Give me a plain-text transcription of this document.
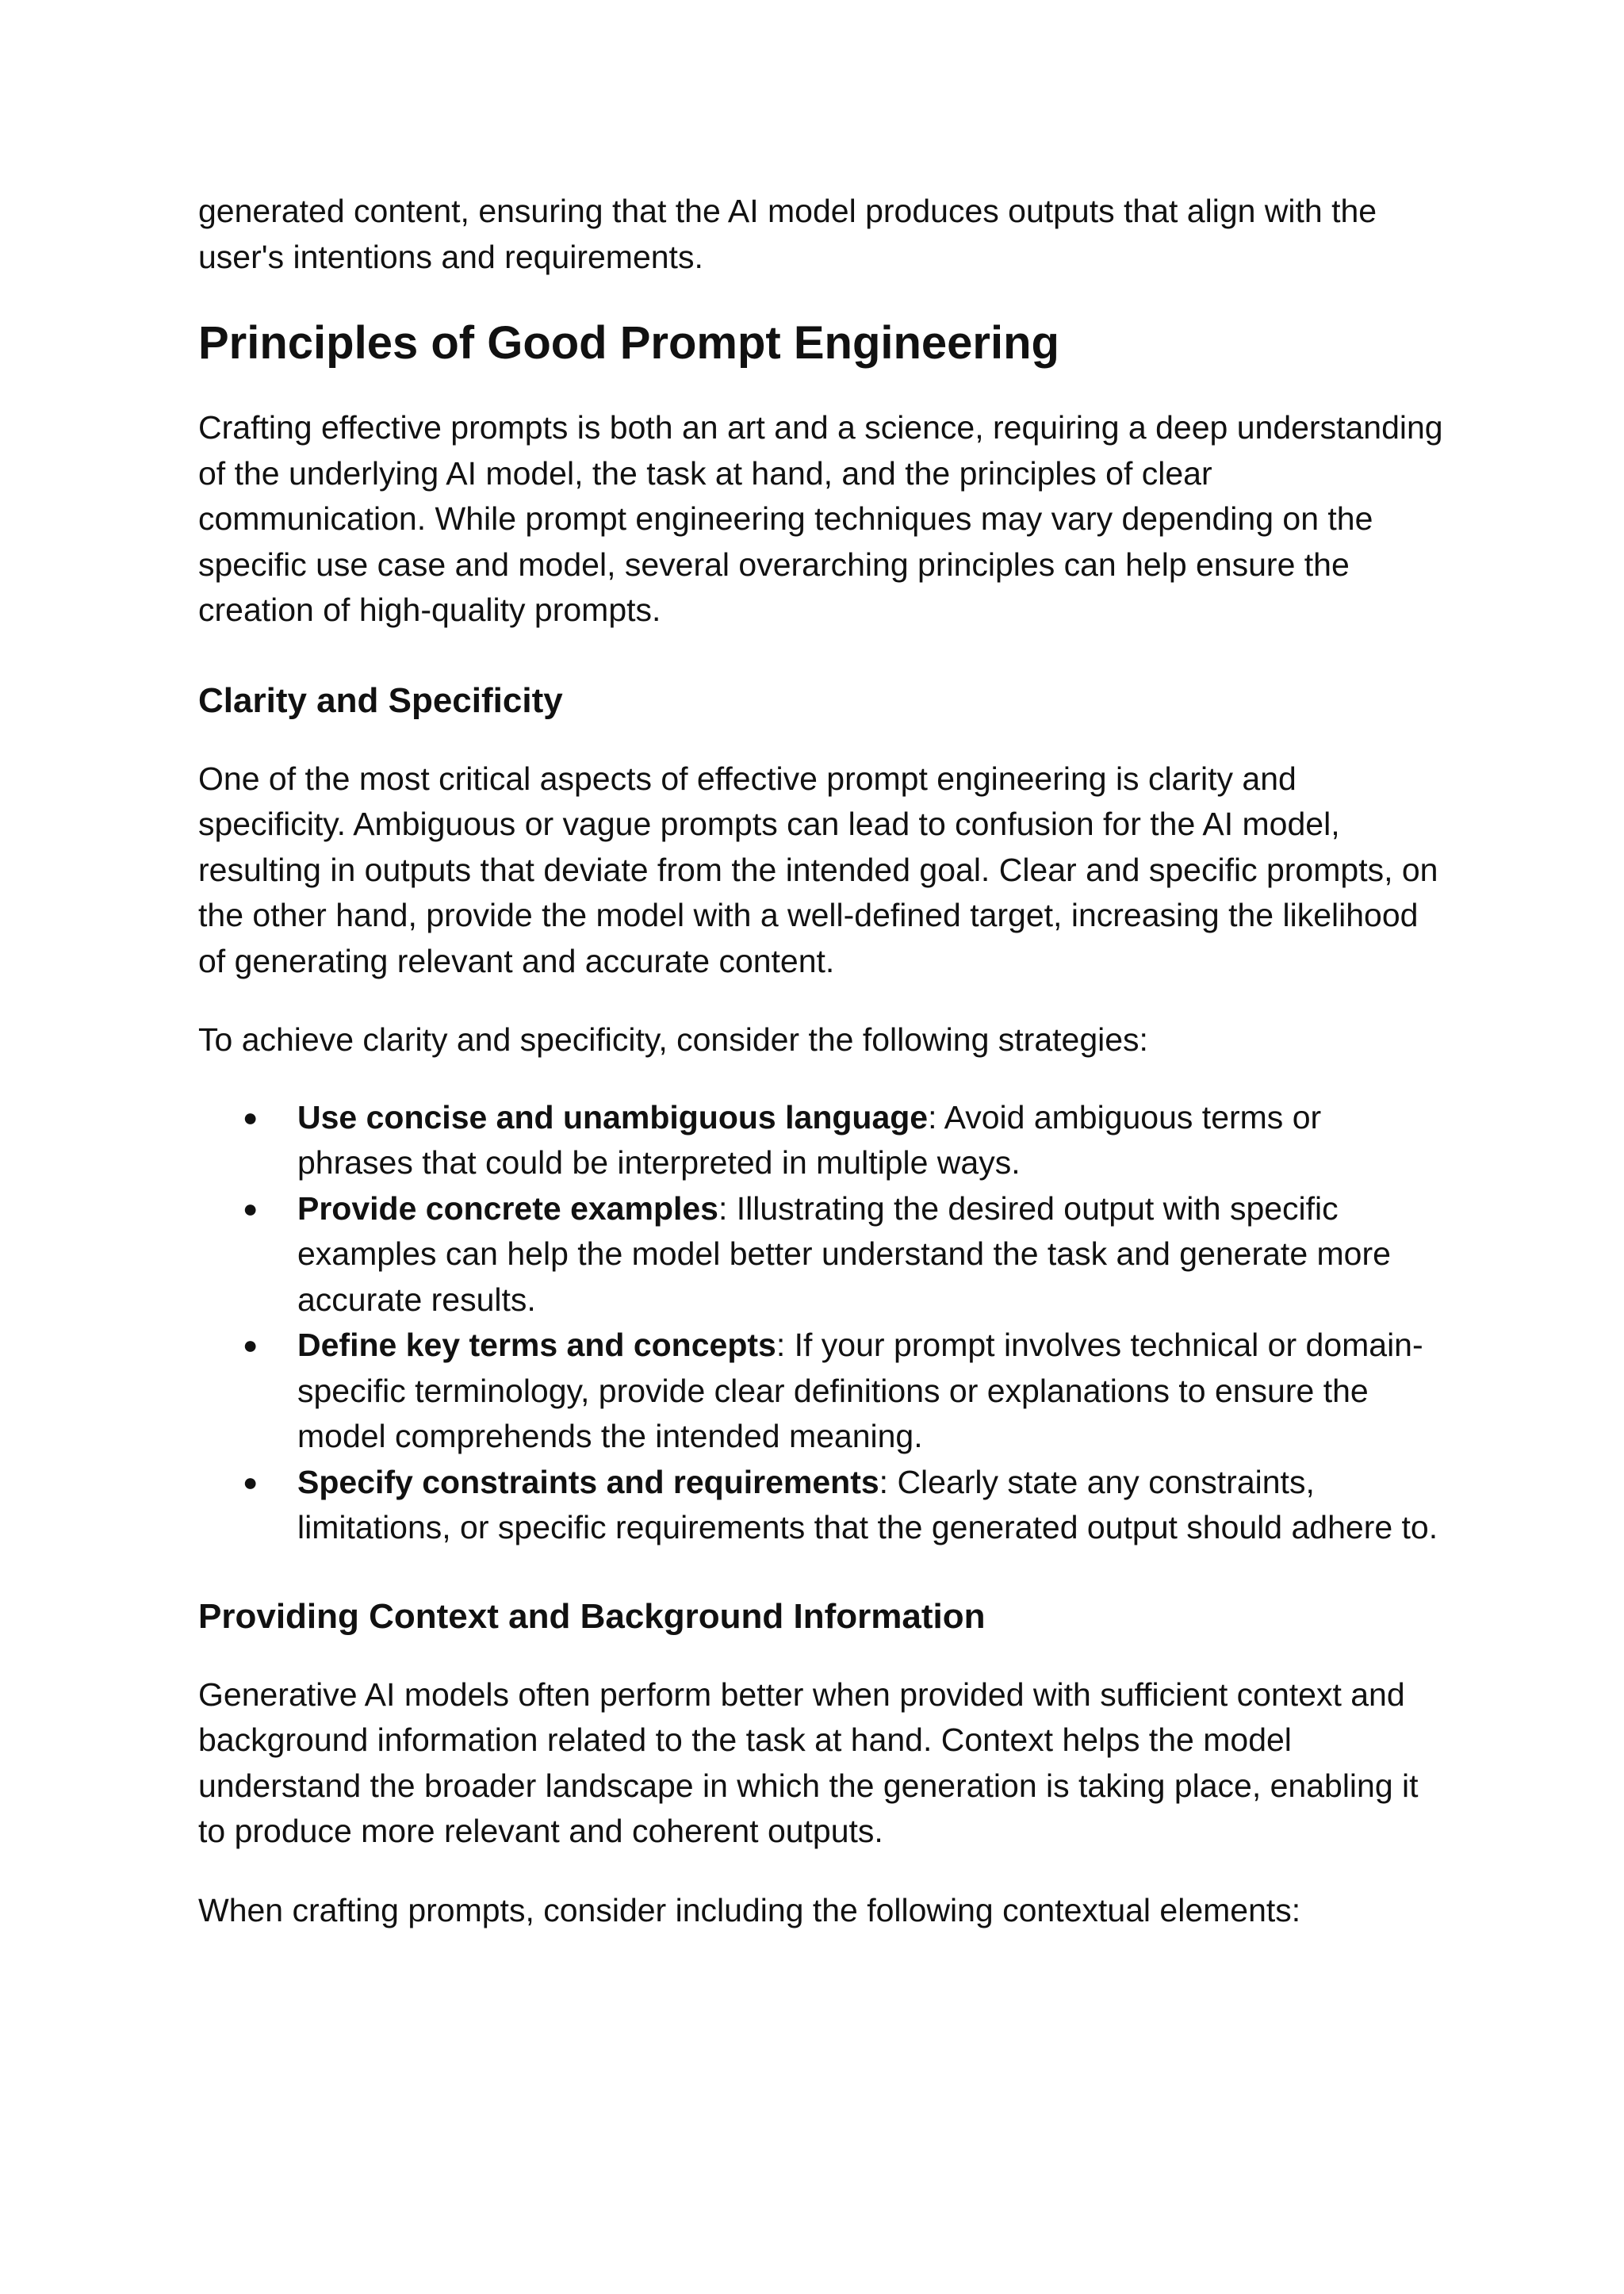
generated content, ensuring that the AI model produces outputs that align with the user's intentions and requirements.

Principles of Good Prompt Engineering

Crafting effective prompts is both an art and a science, requiring a deep understanding of the underlying AI model, the task at hand, and the principles of clear communication. While prompt engineering techniques may vary depending on the specific use case and model, several overarching principles can help ensure the creation of high-quality prompts.

Clarity and Specificity

One of the most critical aspects of effective prompt engineering is clarity and specificity. Ambiguous or vague prompts can lead to confusion for the AI model, resulting in outputs that deviate from the intended goal. Clear and specific prompts, on the other hand, provide the model with a well-defined target, increasing the likelihood of generating relevant and accurate content.

To achieve clarity and specificity, consider the following strategies:

● Use concise and unambiguous language: Avoid ambiguous terms or phrases that could be interpreted in multiple ways.
● Provide concrete examples: Illustrating the desired output with specific examples can help the model better understand the task and generate more accurate results.
● Define key terms and concepts: If your prompt involves technical or domain-specific terminology, provide clear definitions or explanations to ensure the model comprehends the intended meaning.
● Specify constraints and requirements: Clearly state any constraints, limitations, or specific requirements that the generated output should adhere to.
Providing Context and Background Information

Generative AI models often perform better when provided with sufficient context and background information related to the task at hand. Context helps the model understand the broader landscape in which the generation is taking place, enabling it to produce more relevant and coherent outputs.

When crafting prompts, consider including the following contextual elements:
